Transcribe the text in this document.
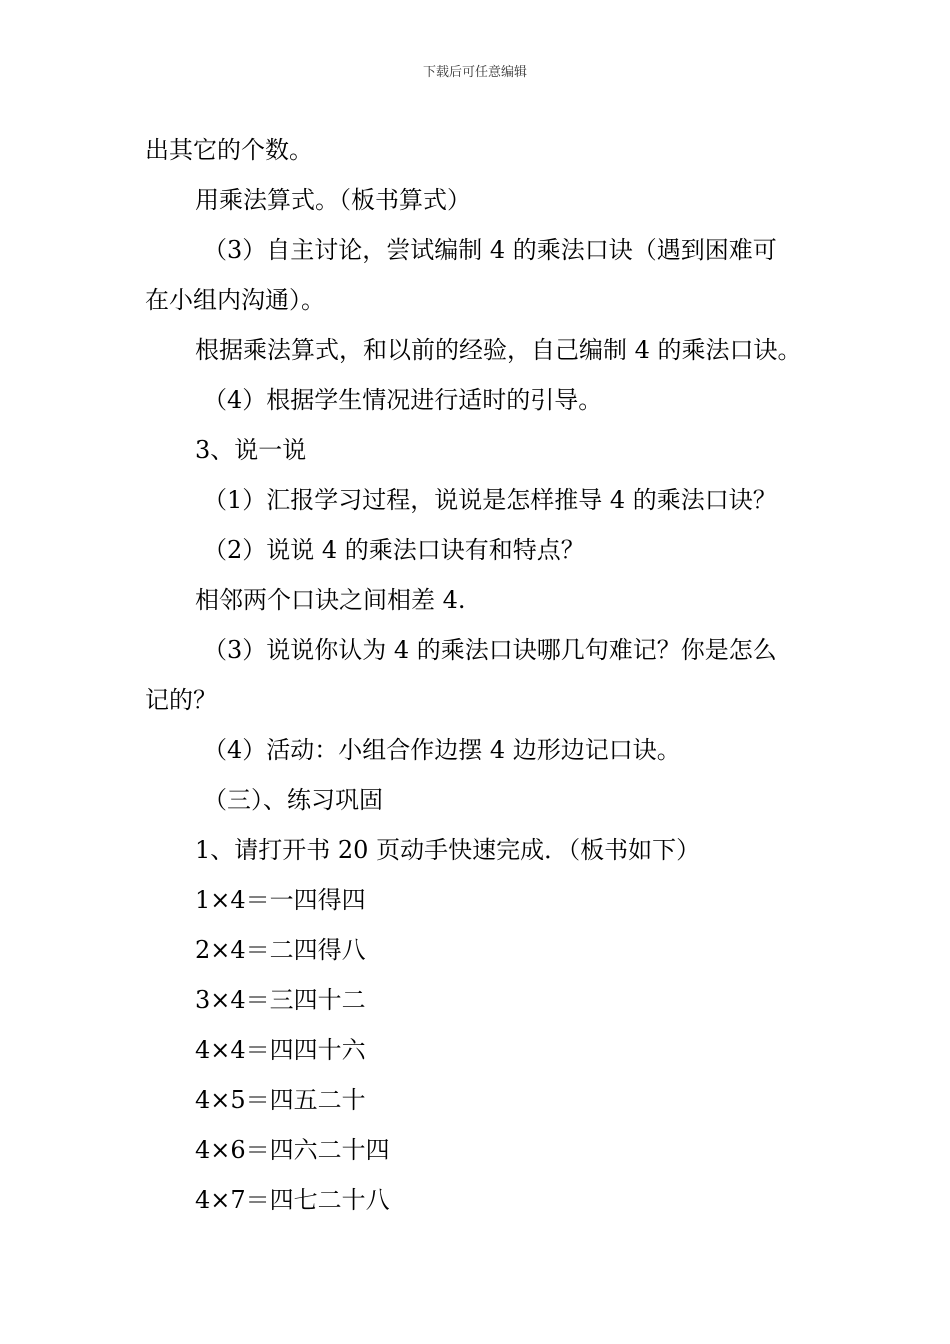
下载后可任意编辑
出其它的个数。
用乘法算式。（板书算式）
（3）自主讨论，尝试编制 4 的乘法口诀（遇到困难可
在小组内沟通）。
根据乘法算式，和以前的经验，自己编制 4 的乘法口诀。
（4）根据学生情况进行适时的引导。
3、说一说
（1）汇报学习过程，说说是怎样推导 4 的乘法口诀？
（2）说说 4 的乘法口诀有和特点？
相邻两个口诀之间相差 4.
（3）说说你认为 4 的乘法口诀哪几句难记？你是怎么
记的？
（4）活动：小组合作边摆 4 边形边记口诀。
（三）、练习巩固
1、请打开书 20 页动手快速完成．（板书如下）
1×4＝一四得四
2×4＝二四得八
3×4＝三四十二
4×4＝四四十六
4×5＝四五二十
4×6＝四六二十四
4×7＝四七二十八
